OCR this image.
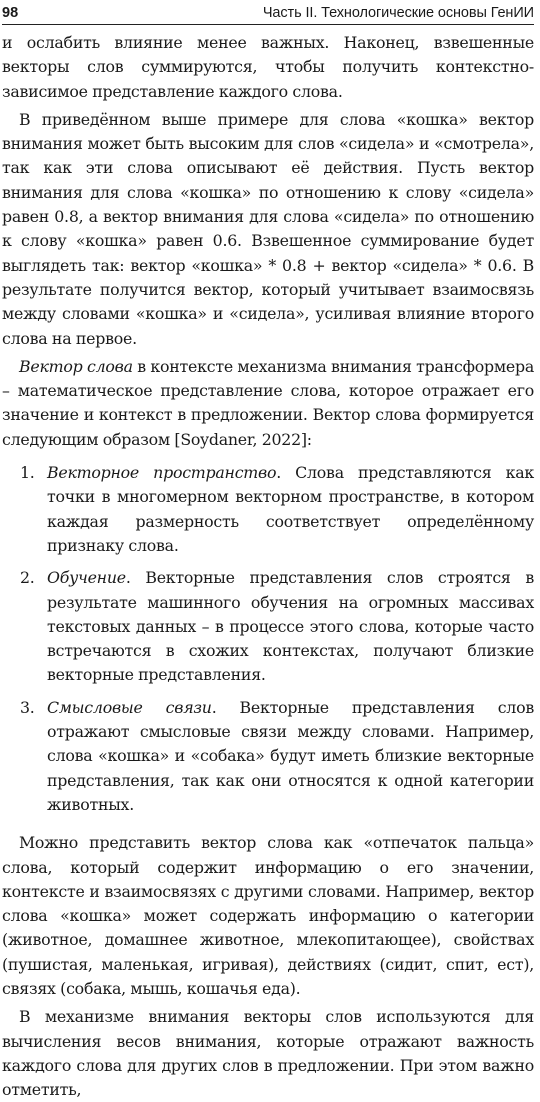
98	Часть II. Технологические основы ГенИИ

и ослабить влияние менее важных. Наконец, взвешенные векторы слов суммируются, чтобы получить контекстно-зависимое представление каждого слова.

В приведённом выше примере для слова «кошка» вектор внимания может быть высоким для слов «сидела» и «смотрела», так как эти слова описывают её действия. Пусть вектор внимания для слова «кошка» по отношению к слову «сидела» равен 0.8, а вектор внимания для слова «сидела» по отношению к слову «кошка» равен 0.6. Взвешенное суммирование будет выглядеть так: вектор «кошка» * 0.8 + вектор «сидела» * 0.6. В результате получится вектор, который учитывает взаимосвязь между словами «кошка» и «сидела», усиливая влияние второго слова на первое.

Вектор слова в контексте механизма внимания трансформера – математическое представление слова, которое отражает его значение и контекст в предложении. Вектор слова формируется следующим образом [Soydaner, 2022]:

1. Векторное пространство. Слова представляются как точки в многомерном векторном пространстве, в котором каждая размерность соответствует определённому признаку слова.
2. Обучение. Векторные представления слов строятся в результате машинного обучения на огромных массивах текстовых данных – в процессе этого слова, которые часто встречаются в схожих контекстах, получают близкие векторные представления.
3. Смысловые связи. Векторные представления слов отражают смысловые связи между словами. Например, слова «кошка» и «собака» будут иметь близкие векторные представления, так как они относятся к одной категории животных.

Можно представить вектор слова как «отпечаток пальца» слова, который содержит информацию о его значении, контексте и взаимосвязях с другими словами. Например, вектор слова «кошка» может содержать информацию о категории (животное, домашнее животное, млекопитающее), свойствах (пушистая, маленькая, игривая), действиях (сидит, спит, ест), связях (собака, мышь, кошачья еда).

В механизме внимания векторы слов используются для вычисления весов внимания, которые отражают важность каждого слова для других слов в предложении. При этом важно отметить,
